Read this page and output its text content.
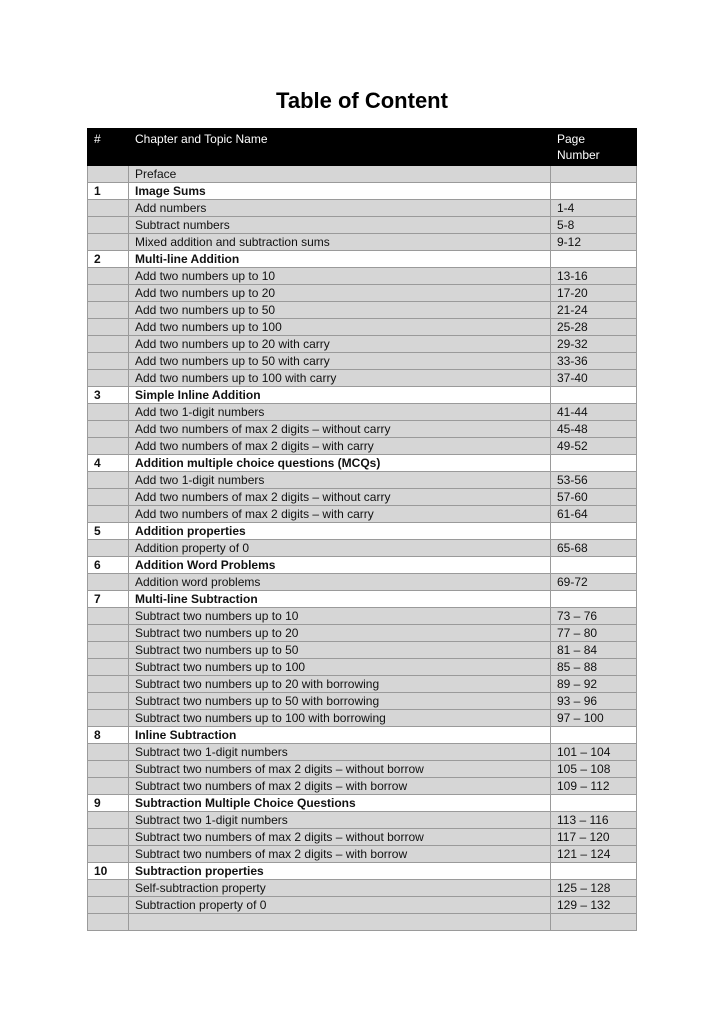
Table of Content
#	Chapter and Topic Name	Page Number
	Preface	
1	Image Sums	
	Add numbers	1-4
	Subtract numbers	5-8
	Mixed addition and subtraction sums	9-12
2	Multi-line Addition	
	Add two numbers up to 10	13-16
	Add two numbers up to 20	17-20
	Add two numbers up to 50	21-24
	Add two numbers up to 100	25-28
	Add two numbers up to 20 with carry	29-32
	Add two numbers up to 50 with carry	33-36
	Add two numbers up to 100 with carry	37-40
3	Simple Inline Addition	
	Add two 1-digit numbers	41-44
	Add two numbers of max 2 digits – without carry	45-48
	Add two numbers of max 2 digits – with carry	49-52
4	Addition multiple choice questions (MCQs)	
	Add two 1-digit numbers	53-56
	Add two numbers of max 2 digits – without carry	57-60
	Add two numbers of max 2 digits – with carry	61-64
5	Addition properties	
	Addition property of 0	65-68
6	Addition Word Problems	
	Addition word problems	69-72
7	Multi-line Subtraction	
	Subtract two numbers up to 10	73 – 76
	Subtract two numbers up to 20	77 – 80
	Subtract two numbers up to 50	81 – 84
	Subtract two numbers up to 100	85 – 88
	Subtract two numbers up to 20 with borrowing	89 – 92
	Subtract two numbers up to 50 with borrowing	93 – 96
	Subtract two numbers up to 100 with borrowing	97 – 100
8	Inline Subtraction	
	Subtract two 1-digit numbers	101 – 104
	Subtract two numbers of max 2 digits – without borrow	105 – 108
	Subtract two numbers of max 2 digits – with borrow	109 – 112
9	Subtraction Multiple Choice Questions	
	Subtract two 1-digit numbers	113 – 116
	Subtract two numbers of max 2 digits – without borrow	117 – 120
	Subtract two numbers of max 2 digits – with borrow	121 – 124
10	Subtraction properties	
	Self-subtraction property	125 – 128
	Subtraction property of 0	129 – 132
